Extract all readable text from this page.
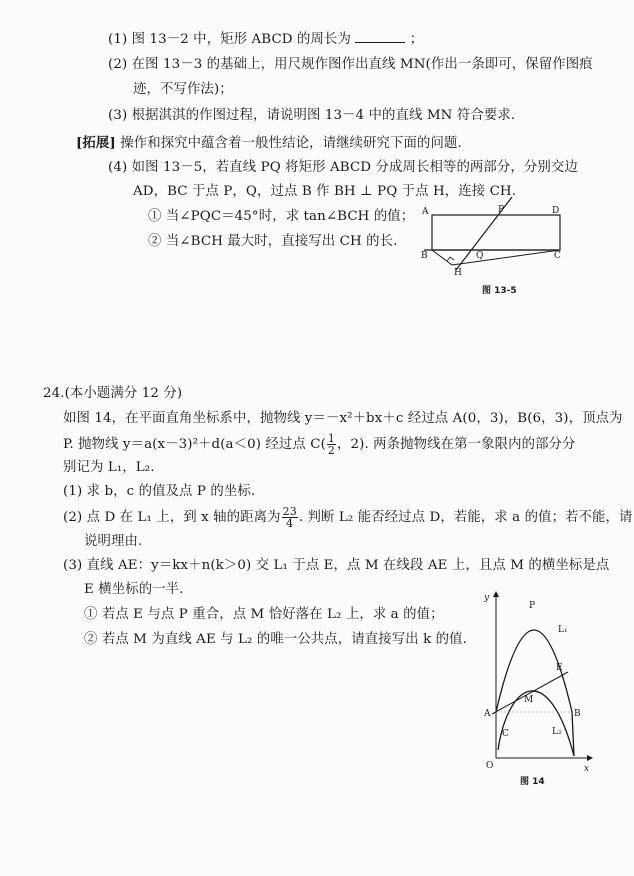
(1) 图 13－2 中，矩形 ABCD 的周长为	；
(2) 在图 13－3 的基础上，用尺规作图作出直线 MN(作出一条即可，保留作图痕
迹，不写作法)；
(3) 根据淇淇的作图过程，请说明图 13－4 中的直线 MN 符合要求.
[拓展] 操作和探究中蕴含着一般性结论，请继续研究下面的问题.
(4) 如图 13－5，若直线 PQ 将矩形 ABCD 分成周长相等的两部分，分别交边
AD，BC 于点 P，Q，过点 B 作 BH ⊥ PQ 于点 H，连接 CH.
① 当∠PQC＝45°时，求 tan∠BCH 的值；
② 当∠BCH 最大时，直接写出 CH 的长.
A	P	D
B	Q	C
H
图 13-5
24.(本小题满分 12 分)
如图 14，在平面直角坐标系中，抛物线 y＝－x²＋bx＋c 经过点 A(0，3)，B(6，3)，顶点为
P. 抛物线 y＝a(x－3)²＋d(a＜0) 经过点 $C( \frac{1}{2}$ ，2). 两条抛物线在第一象限内的部分分
别记为 L₁，L₂.
(1) 求 b，c 的值及点 P 的坐标.
(2) 点 D 在 L₁ 上，到 x 轴的距离为 $\frac{23}{4}$ . 判断 L₂ 能否经过点 D，若能，求 a 的值；若不能，请
说明理由.
(3) 直线 AE：y＝kx＋n(k＞0) 交 L₁ 于点 E，点 M 在线段 AE 上，且点 M 的横坐标是点
E 横坐标的一半.
① 若点 E 与点 P 重合，点 M 恰好落在 L₂ 上，求 a 的值；
② 若点 M 为直线 AE 与 L₂ 的唯一公共点，请直接写出 k 的值.
y
x
O
P
L₁
E
M
A	B
C	L₂
图 14
